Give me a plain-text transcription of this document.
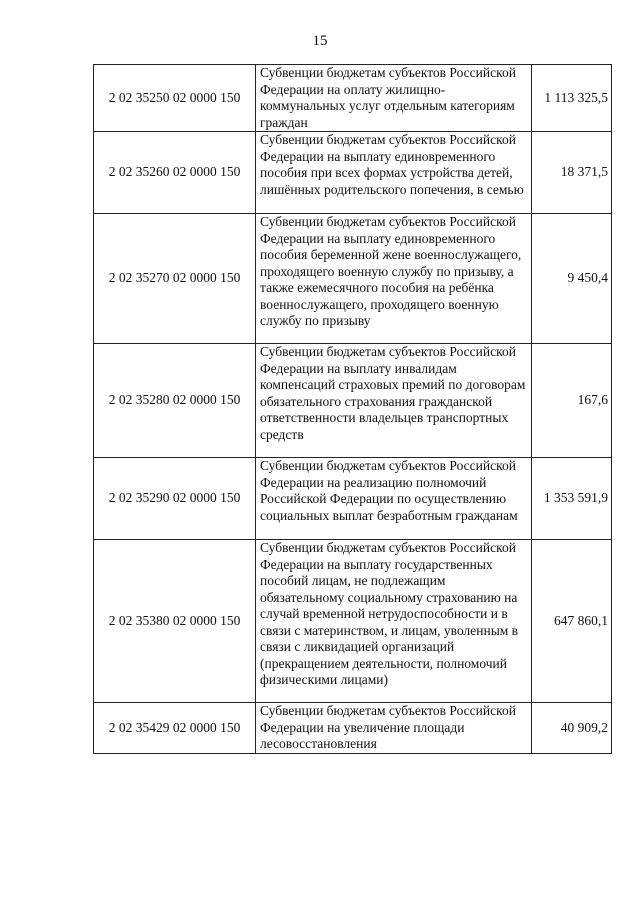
15
2 02 35250 02 0000 150	Субвенции бюджетам субъектов Российской Федерации на оплату жилищно-коммунальных услуг отдельным категориям граждан	1 113 325,5
2 02 35260 02 0000 150	Субвенции бюджетам субъектов Российской Федерации на выплату единовременного пособия при всех формах устройства детей, лишённых родительского попечения, в семью	18 371,5
2 02 35270 02 0000 150	Субвенции бюджетам субъектов Российской Федерации на выплату единовременного пособия беременной жене военнослужащего, проходящего военную службу по призыву, а также ежемесячного пособия на ребёнка военнослужащего, проходящего военную службу по призыву	9 450,4
2 02 35280 02 0000 150	Субвенции бюджетам субъектов Российской Федерации на выплату инвалидам компенсаций страховых премий по договорам обязательного страхования гражданской ответственности владельцев транспортных средств	167,6
2 02 35290 02 0000 150	Субвенции бюджетам субъектов Российской Федерации на реализацию полномочий Российской Федерации по осуществлению социальных выплат безработным гражданам	1 353 591,9
2 02 35380 02 0000 150	Субвенции бюджетам субъектов Российской Федерации на выплату государственных пособий лицам, не подлежащим обязательному социальному страхованию на случай временной нетрудоспособности и в связи с материнством, и лицам, уволенным в связи с ликвидацией организаций (прекращением деятельности, полномочий физическими лицами)	647 860,1
2 02 35429 02 0000 150	Субвенции бюджетам субъектов Российской Федерации на увеличение площади лесовосстановления	40 909,2
